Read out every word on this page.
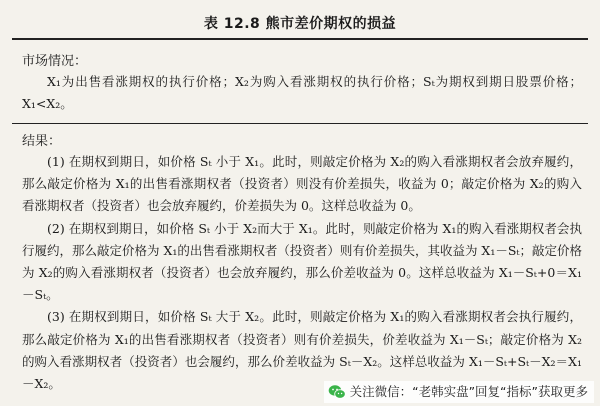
表 12.8 熊市差价期权的损益
市场情况：

X₁为出售看涨期权的执行价格；X₂为购入看涨期权的执行价格；Sₜ为期权到期日股票价格；X₁<X₂。

结果：

(1) 在期权到期日，如价格 Sₜ 小于 X₁。此时，则敲定价格为 X₂的购入看涨期权者会放弃履约，那么敲定价格为 X₁的出售看涨期权者（投资者）则没有价差损失，收益为 0；敲定价格为 X₂的购入看涨期权者（投资者）也会放弃履约，价差损失为 0。这样总收益为 0。

(2) 在期权到期日，如价格 Sₜ 小于 X₂而大于 X₁。此时，则敲定价格为 X₁的购入看涨期权者会执行履约，那么敲定价格为 X₁的出售看涨期权者（投资者）则有价差损失，其收益为 X₁－Sₜ；敲定价格为 X₂的购入看涨期权者（投资者）也会放弃履约，那么价差收益为 0。这样总收益为 X₁－Sₜ+0＝X₁－Sₜ。

(3) 在期权到期日，如价格 Sₜ 大于 X₂。此时，则敲定价格为 X₁的购入看涨期权者会执行履约，那么敲定价格为 X₁的出售看涨期权者（投资者）则有价差损失，价差收益为 X₁－Sₜ；敲定价格为 X₂的购入看涨期权者（投资者）也会履约，那么价差收益为 Sₜ－X₂。这样总收益为 X₁－Sₜ+Sₜ－X₂＝X₁－X₂。

关注微信：“老韩实盘”回复“指标”获取更多
